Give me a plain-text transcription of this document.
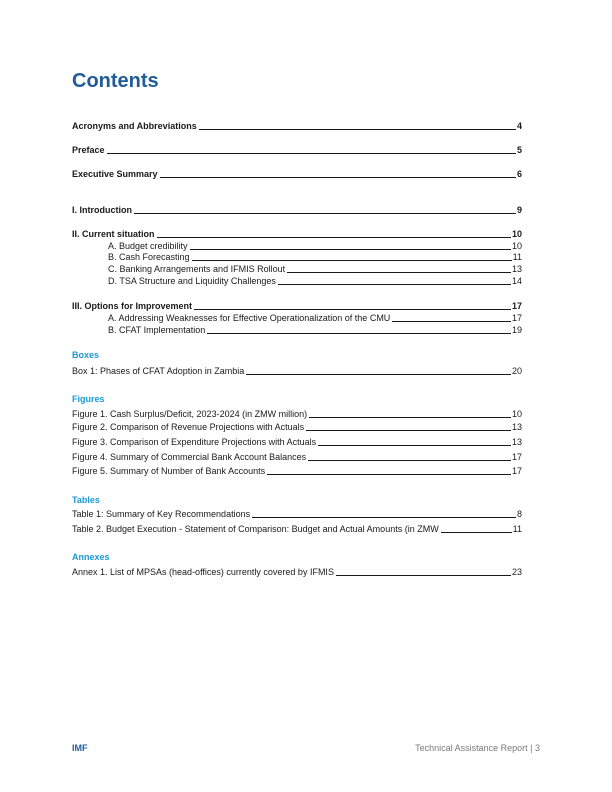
Contents
Acronyms and Abbreviations	4
Preface	5
Executive Summary	6
I. Introduction	9
II. Current situation	10
A. Budget credibility	10
B. Cash Forecasting	11
C. Banking Arrangements and IFMIS Rollout	13
D. TSA Structure and Liquidity Challenges	14
III. Options for Improvement	17
A. Addressing Weaknesses for Effective Operationalization of the CMU	17
B. CFAT Implementation	19
Boxes
Box 1: Phases of CFAT Adoption in Zambia	20
Figures
Figure 1. Cash Surplus/Deficit, 2023-2024 (in ZMW million)	10
Figure 2. Comparison of Revenue Projections with Actuals	13
Figure 3. Comparison of Expenditure Projections with Actuals	13
Figure 4. Summary of Commercial Bank Account Balances	17
Figure 5. Summary of Number of Bank Accounts	17
Tables
Table 1: Summary of Key Recommendations	8
Table 2. Budget Execution - Statement of Comparison: Budget and Actual Amounts (in ZMW	11
Annexes
Annex 1. List of MPSAs (head-offices) currently covered by IFMIS	23
IMF	Technical Assistance Report | 3
